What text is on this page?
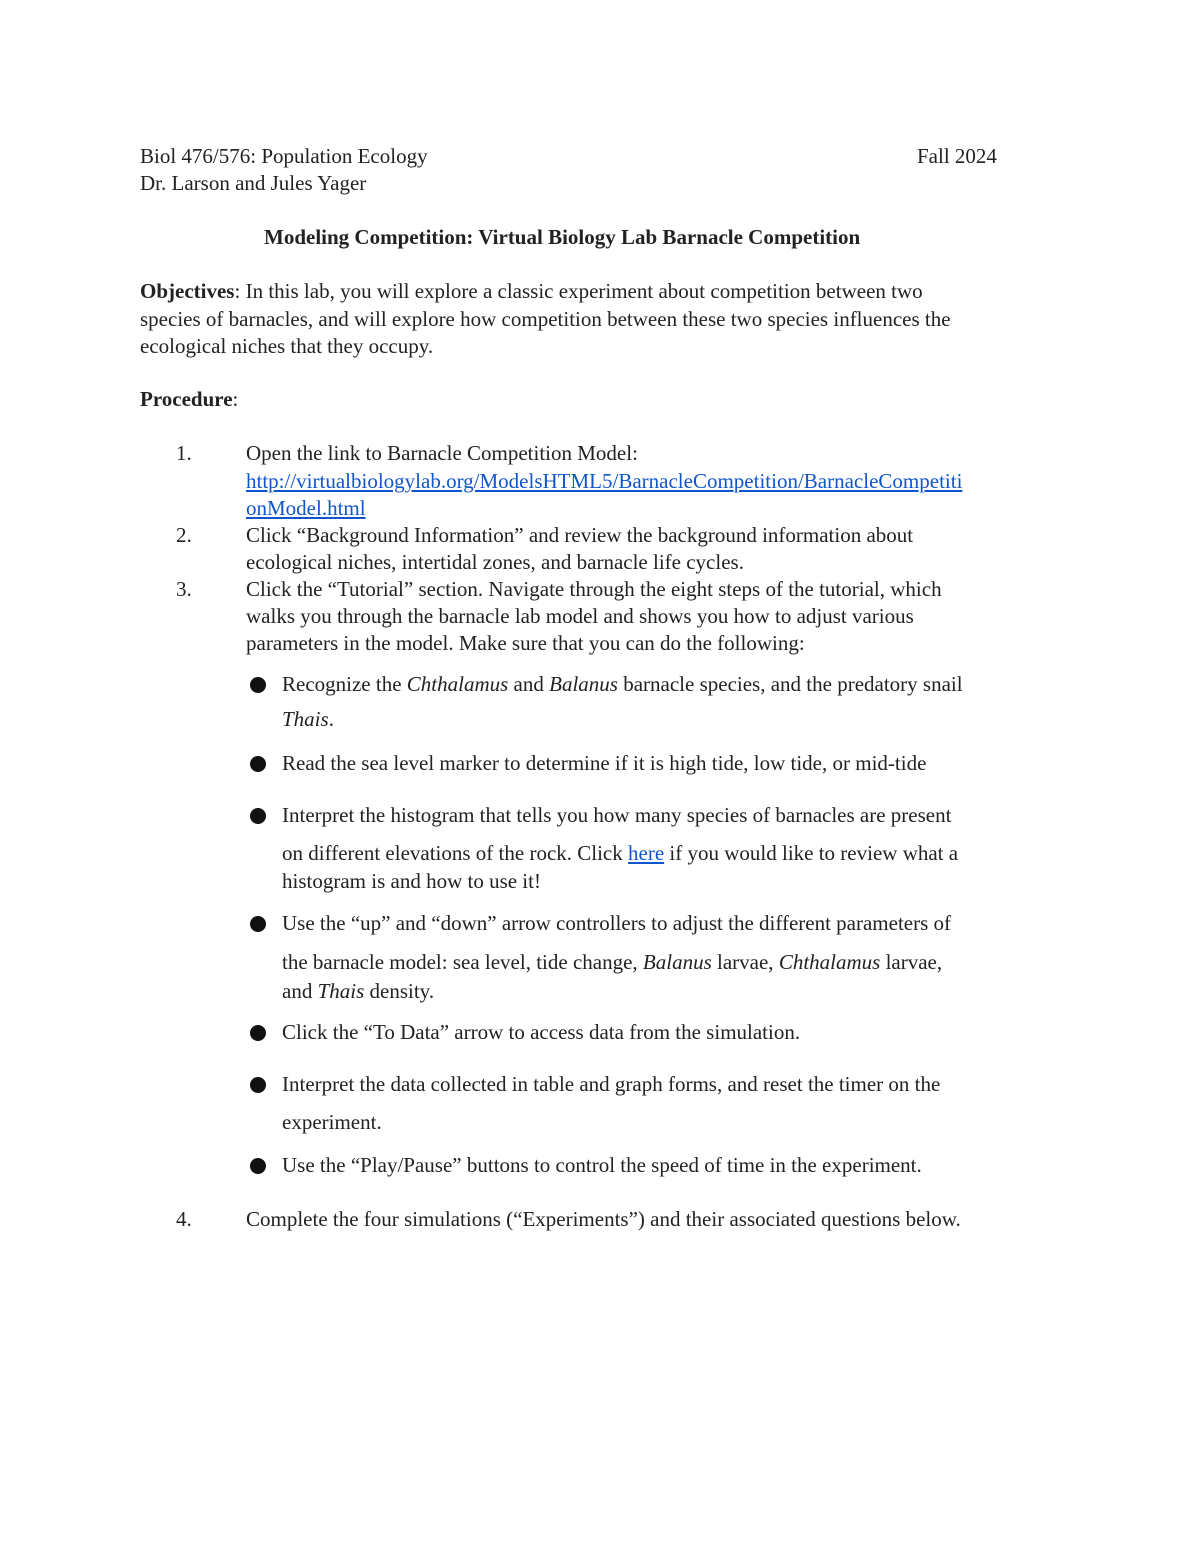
Biol 476/576: Population Ecology	Fall 2024
Dr. Larson and Jules Yager
Modeling Competition: Virtual Biology Lab Barnacle Competition
Objectives: In this lab, you will explore a classic experiment about competition between two
species of barnacles, and will explore how competition between these two species influences the
ecological niches that they occupy.
Procedure:
1.	Open the link to Barnacle Competition Model:
http://virtualbiologylab.org/ModelsHTML5/BarnacleCompetition/BarnacleCompetiti
onModel.html
2.	Click “Background Information” and review the background information about
ecological niches, intertidal zones, and barnacle life cycles.
3.	Click the “Tutorial” section. Navigate through the eight steps of the tutorial, which
walks you through the barnacle lab model and shows you how to adjust various
parameters in the model. Make sure that you can do the following:
Recognize the Chthalamus and Balanus barnacle species, and the predatory snail
Thais.
Read the sea level marker to determine if it is high tide, low tide, or mid-tide
Interpret the histogram that tells you how many species of barnacles are present
on different elevations of the rock. Click here if you would like to review what a
histogram is and how to use it!
Use the “up” and “down” arrow controllers to adjust the different parameters of
the barnacle model: sea level, tide change, Balanus larvae, Chthalamus larvae,
and Thais density.
Click the “To Data” arrow to access data from the simulation.
Interpret the data collected in table and graph forms, and reset the timer on the
experiment.
Use the “Play/Pause” buttons to control the speed of time in the experiment.
4.	Complete the four simulations (“Experiments”) and their associated questions below.
